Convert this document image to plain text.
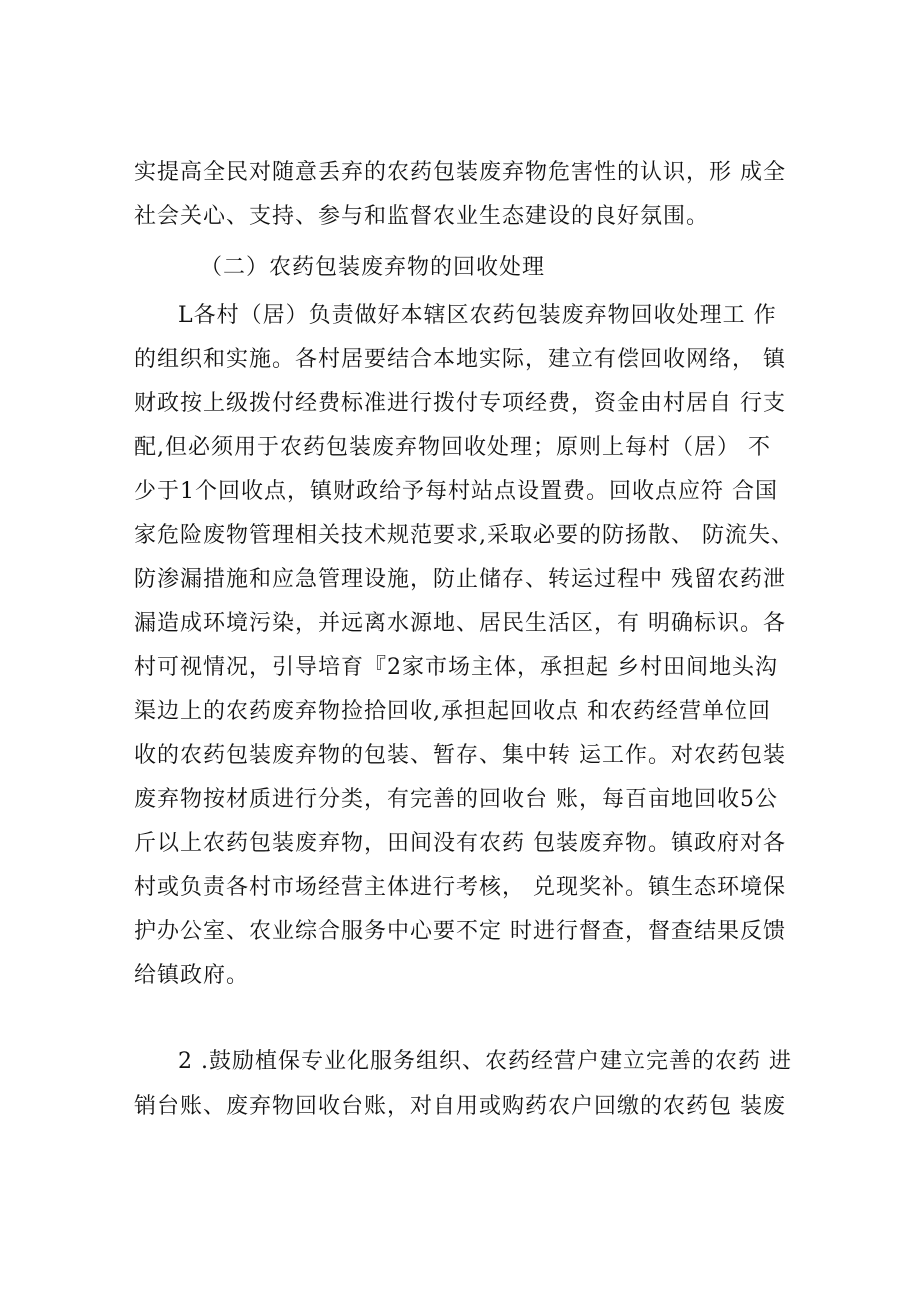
实提高全民对随意丢弃的农药包装废弃物危害性的认识，形 成全
社会关心、支持、参与和监督农业生态建设的良好氛围。
（二）农药包装废弃物的回收处理
L各村（居）负责做好本辖区农药包装废弃物回收处理工 作
的组织和实施。各村居要结合本地实际，建立有偿回收网络， 镇
财政按上级拨付经费标准进行拨付专项经费，资金由村居自 行支
配,但必须用于农药包装废弃物回收处理；原则上每村（居） 不
少于1个回收点，镇财政给予每村站点设置费。回收点应符 合国
家危险废物管理相关技术规范要求,采取必要的防扬散、 防流失、
防渗漏措施和应急管理设施，防止储存、转运过程中 残留农药泄
漏造成环境污染，并远离水源地、居民生活区，有 明确标识。各
村可视情况，引导培育『2家市场主体，承担起 乡村田间地头沟
渠边上的农药废弃物捡拾回收,承担起回收点 和农药经营单位回
收的农药包装废弃物的包装、暂存、集中转 运工作。对农药包装
废弃物按材质进行分类，有完善的回收台 账，每百亩地回收5公
斤以上农药包装废弃物，田间没有农药 包装废弃物。镇政府对各
村或负责各村市场经营主体进行考核， 兑现奖补。镇生态环境保
护办公室、农业综合服务中心要不定 时进行督查，督查结果反馈
给镇政府。
2 .鼓励植保专业化服务组织、农药经营户建立完善的农药 进
销台账、废弃物回收台账，对自用或购药农户回缴的农药包 装废
